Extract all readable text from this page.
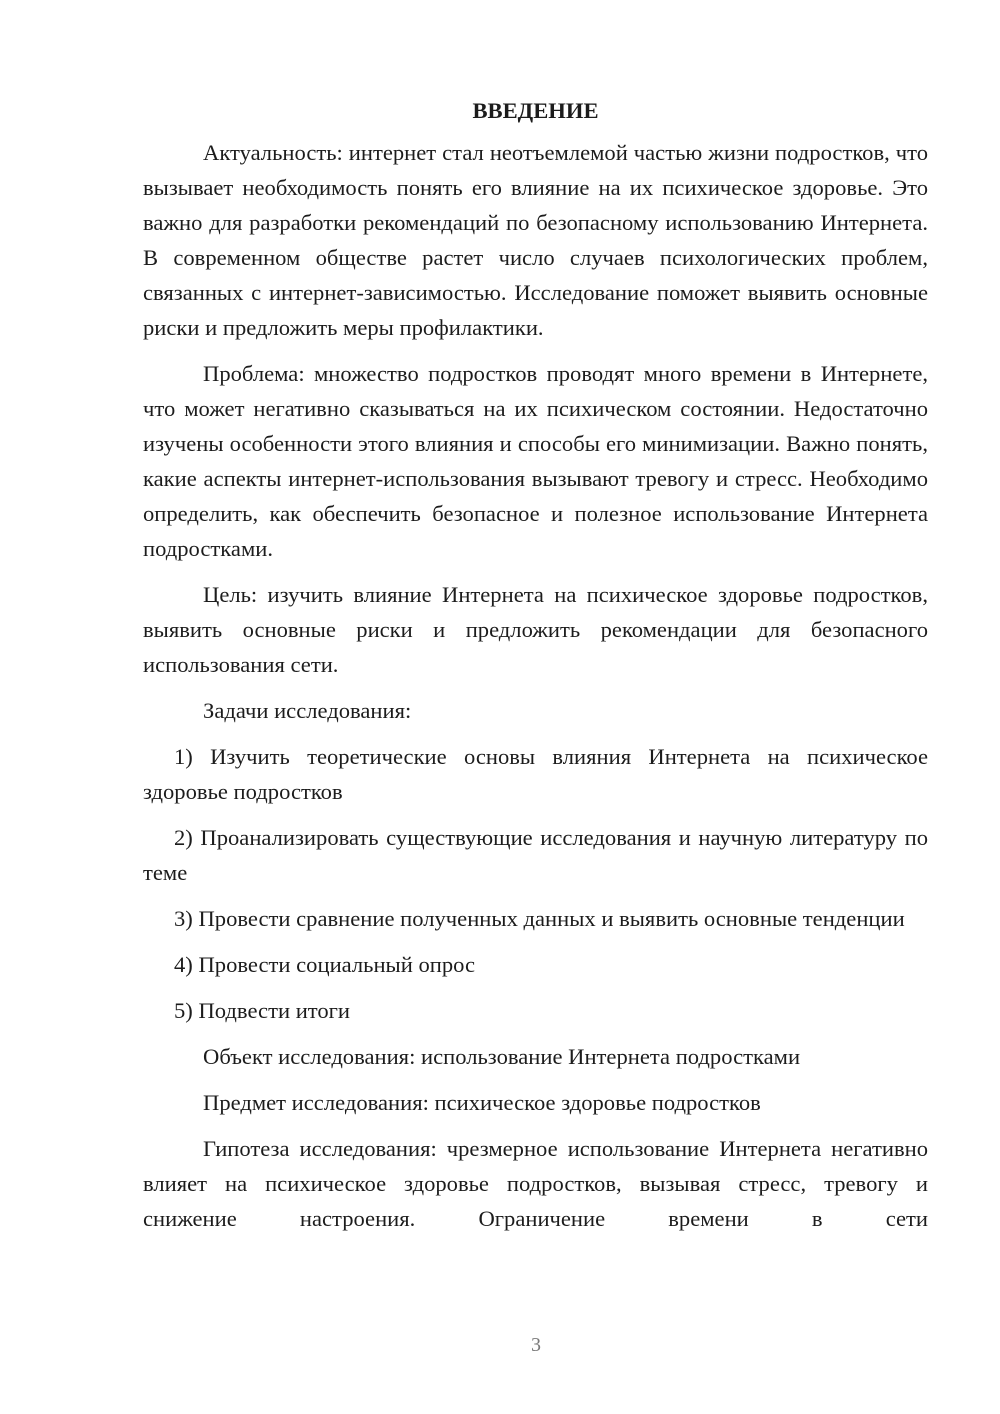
ВВЕДЕНИЕ

Актуальность: интернет стал неотъемлемой частью жизни подростков, что вызывает необходимость понять его влияние на их психическое здоровье. Это важно для разработки рекомендаций по безопасному использованию Интернета. В современном обществе растет число случаев психологических проблем, связанных с интернет-зависимостью. Исследование поможет выявить основные риски и предложить меры профилактики.

Проблема: множество подростков проводят много времени в Интернете, что может негативно сказываться на их психическом состоянии. Недостаточно изучены особенности этого влияния и способы его минимизации. Важно понять, какие аспекты интернет-использования вызывают тревогу и стресс. Необходимо определить, как обеспечить безопасное и полезное использование Интернета подростками.

Цель: изучить влияние Интернета на психическое здоровье подростков, выявить основные риски и предложить рекомендации для безопасного использования сети.

Задачи исследования:

1) Изучить теоретические основы влияния Интернета на психическое здоровье подростков

2) Проанализировать существующие исследования и научную литературу по теме

3) Провести сравнение полученных данных и выявить основные тенденции

4) Провести социальный опрос

5) Подвести итоги

Объект исследования: использование Интернета подростками

Предмет исследования: психическое здоровье подростков

Гипотеза исследования: чрезмерное использование Интернета негативно влияет на психическое здоровье подростков, вызывая стресс, тревогу и снижение настроения. Ограничение времени в сети

3
